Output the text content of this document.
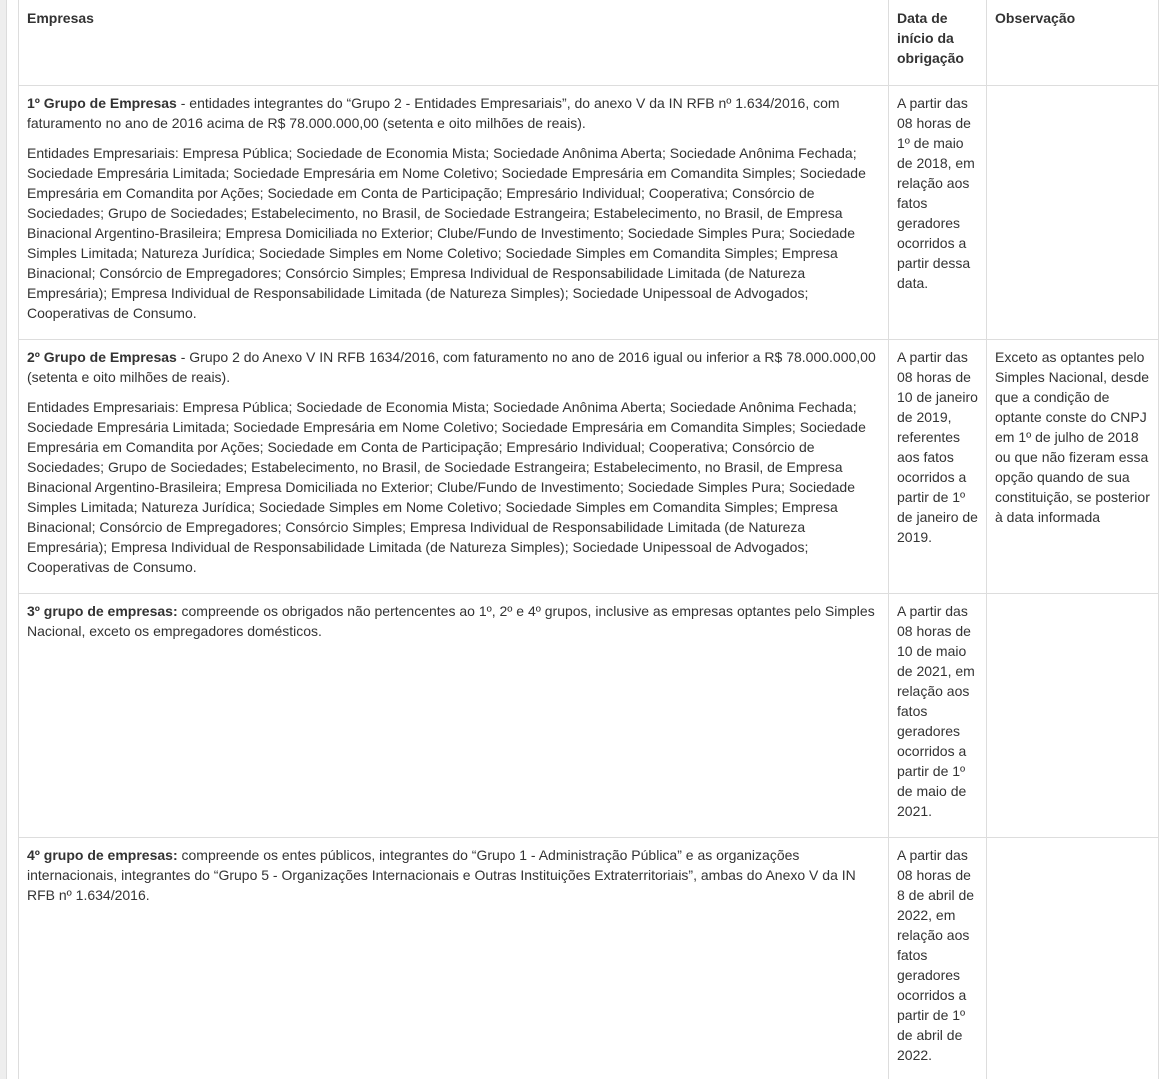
Empresas	Data de início da obrigação	Observação

1º Grupo de Empresas - entidades integrantes do “Grupo 2 - Entidades Empresariais”, do anexo V da IN RFB nº 1.634/2016, com faturamento no ano de 2016 acima de R$ 78.000.000,00 (setenta e oito milhões de reais).

Entidades Empresariais: Empresa Pública; Sociedade de Economia Mista; Sociedade Anônima Aberta; Sociedade Anônima Fechada; Sociedade Empresária Limitada; Sociedade Empresária em Nome Coletivo; Sociedade Empresária em Comandita Simples; Sociedade Empresária em Comandita por Ações; Sociedade em Conta de Participação; Empresário Individual; Cooperativa; Consórcio de Sociedades; Grupo de Sociedades; Estabelecimento, no Brasil, de Sociedade Estrangeira; Estabelecimento, no Brasil, de Empresa Binacional Argentino-Brasileira; Empresa Domiciliada no Exterior; Clube/Fundo de Investimento; Sociedade Simples Pura; Sociedade Simples Limitada; Natureza Jurídica; Sociedade Simples em Nome Coletivo; Sociedade Simples em Comandita Simples; Empresa Binacional; Consórcio de Empregadores; Consórcio Simples; Empresa Individual de Responsabilidade Limitada (de Natureza Empresária); Empresa Individual de Responsabilidade Limitada (de Natureza Simples); Sociedade Unipessoal de Advogados; Cooperativas de Consumo.	A partir das 08 horas de 1º de maio de 2018, em relação aos fatos geradores ocorridos a partir dessa data.	

2º Grupo de Empresas - Grupo 2 do Anexo V IN RFB 1634/2016, com faturamento no ano de 2016 igual ou inferior a R$ 78.000.000,00 (setenta e oito milhões de reais).

Entidades Empresariais: Empresa Pública; Sociedade de Economia Mista; Sociedade Anônima Aberta; Sociedade Anônima Fechada; Sociedade Empresária Limitada; Sociedade Empresária em Nome Coletivo; Sociedade Empresária em Comandita Simples; Sociedade Empresária em Comandita por Ações; Sociedade em Conta de Participação; Empresário Individual; Cooperativa; Consórcio de Sociedades; Grupo de Sociedades; Estabelecimento, no Brasil, de Sociedade Estrangeira; Estabelecimento, no Brasil, de Empresa Binacional Argentino-Brasileira; Empresa Domiciliada no Exterior; Clube/Fundo de Investimento; Sociedade Simples Pura; Sociedade Simples Limitada; Natureza Jurídica; Sociedade Simples em Nome Coletivo; Sociedade Simples em Comandita Simples; Empresa Binacional; Consórcio de Empregadores; Consórcio Simples; Empresa Individual de Responsabilidade Limitada (de Natureza Empresária); Empresa Individual de Responsabilidade Limitada (de Natureza Simples); Sociedade Unipessoal de Advogados; Cooperativas de Consumo.	A partir das 08 horas de 10 de janeiro de 2019, referentes aos fatos ocorridos a partir de 1º de janeiro de 2019.	Exceto as optantes pelo Simples Nacional, desde que a condição de optante conste do CNPJ em 1º de julho de 2018 ou que não fizeram essa opção quando de sua constituição, se posterior à data informada

3º grupo de empresas: compreende os obrigados não pertencentes ao 1º, 2º e 4º grupos, inclusive as empresas optantes pelo Simples Nacional, exceto os empregadores domésticos.	A partir das 08 horas de 10 de maio de 2021, em relação aos fatos geradores ocorridos a partir de 1º de maio de 2021.	

4º grupo de empresas: compreende os entes públicos, integrantes do “Grupo 1 - Administração Pública” e as organizações internacionais, integrantes do “Grupo 5 - Organizações Internacionais e Outras Instituições Extraterritoriais”, ambas do Anexo V da IN RFB nº 1.634/2016.	A partir das 08 horas de 8 de abril de 2022, em relação aos fatos geradores ocorridos a partir de 1º de abril de 2022.	
